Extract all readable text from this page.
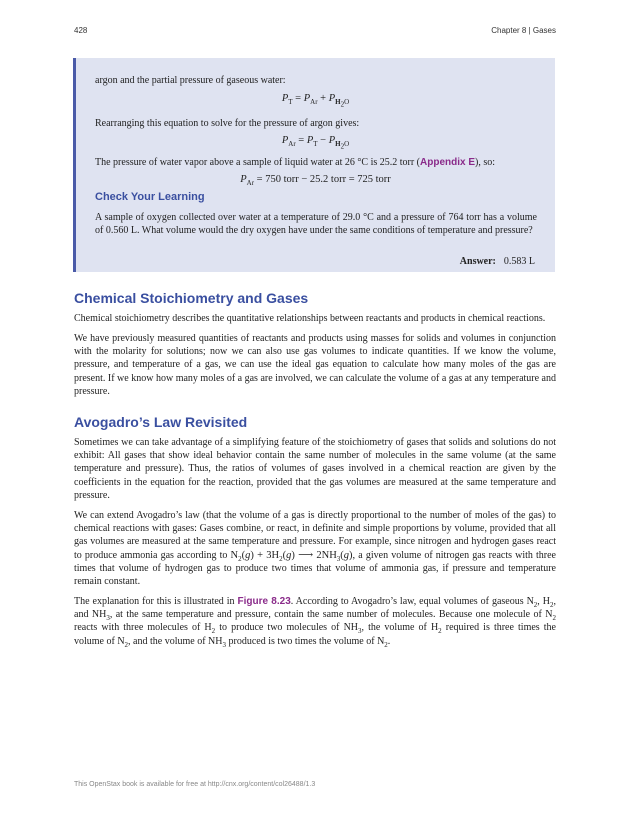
428	Chapter 8 | Gases

argon and the partial pressure of gaseous water:

$P_T = P_{Ar} + P_{H_2O}$

Rearranging this equation to solve for the pressure of argon gives:

$P_{Ar} = P_T - P_{H_2O}$

The pressure of water vapor above a sample of liquid water at 26 °C is 25.2 torr (Appendix E), so:

$P_{Ar} = 750$ torr − 25.2 torr = 725 torr
Check Your Learning

A sample of oxygen collected over water at a temperature of 29.0 °C and a pressure of 764 torr has a volume of 0.560 L. What volume would the dry oxygen have under the same conditions of temperature and pressure?

Answer: 0.583 L
Chemical Stoichiometry and Gases

Chemical stoichiometry describes the quantitative relationships between reactants and products in chemical reactions.

We have previously measured quantities of reactants and products using masses for solids and volumes in conjunction with the molarity for solutions; now we can also use gas volumes to indicate quantities. If we know the volume, pressure, and temperature of a gas, we can use the ideal gas equation to calculate how many moles of the gas are present. If we know how many moles of a gas are involved, we can calculate the volume of a gas at any temperature and pressure.

Avogadro’s Law Revisited

Sometimes we can take advantage of a simplifying feature of the stoichiometry of gases that solids and solutions do not exhibit: All gases that show ideal behavior contain the same number of molecules in the same volume (at the same temperature and pressure). Thus, the ratios of volumes of gases involved in a chemical reaction are given by the coefficients in the equation for the reaction, provided that the gas volumes are measured at the same temperature and pressure.

We can extend Avogadro’s law (that the volume of a gas is directly proportional to the number of moles of the gas) to chemical reactions with gases: Gases combine, or react, in definite and simple proportions by volume, provided that all gas volumes are measured at the same temperature and pressure. For example, since nitrogen and hydrogen gases react to produce ammonia gas according to $N_2(g) + 3H_2(g)$ ⟶ $2NH_3(g)$, a given volume of nitrogen gas reacts with three times that volume of hydrogen gas to produce two times that volume of ammonia gas, if pressure and temperature remain constant.

The explanation for this is illustrated in Figure 8.23. According to Avogadro’s law, equal volumes of gaseous $N_2$, $H_2$, and $NH_3$, at the same temperature and pressure, contain the same number of molecules. Because one molecule of $N_2$ reacts with three molecules of $H_2$ to produce two molecules of $NH_3$, the volume of $H_2$ required is three times the volume of $N_2$, and the volume of $NH_3$ produced is two times the volume of $N_2$.

This OpenStax book is available for free at http://cnx.org/content/col26488/1.3
